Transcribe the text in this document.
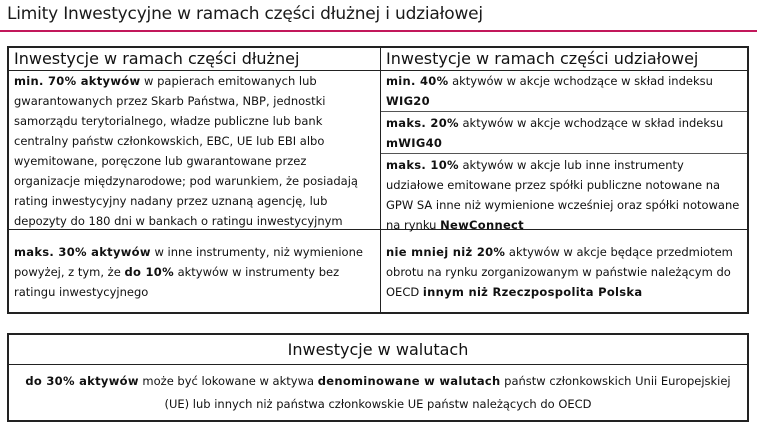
Limity Inwestycyjne w ramach części dłużnej i udziałowej
Inwestycje w ramach części dłużnej
min. 70% aktywów w papierach emitowanych lub gwarantowanych przez Skarb Państwa, NBP, jednostki samorządu terytorialnego, władze publiczne lub bank centralny państw członkowskich, EBC, UE lub EBI albo wyemitowane, poręczone lub gwarantowane przez organizacje międzynarodowe; pod warunkiem, że posiadają rating inwestycyjny nadany przez uznaną agencję, lub depozyty do 180 dni w bankach o ratingu inwestycyjnym
maks. 30% aktywów w inne instrumenty, niż wymienione powyżej, z tym, że do 10% aktywów w instrumenty bez ratingu inwestycyjnego
Inwestycje w ramach części udziałowej
min. 40% aktywów w akcje wchodzące w skład indeksu WIG20
maks. 20% aktywów w akcje wchodzące w skład indeksu mWIG40
maks. 10% aktywów w akcje lub inne instrumenty udziałowe emitowane przez spółki publiczne notowane na GPW SA inne niż wymienione wcześniej oraz spółki notowane na rynku NewConnect
nie mniej niż 20% aktywów w akcje będące przedmiotem obrotu na rynku zorganizowanym w państwie należącym do OECD innym niż Rzeczpospolita Polska
Inwestycje w walutach
do 30% aktywów może być lokowane w aktywa denominowane w walutach państw członkowskich Unii Europejskiej (UE) lub innych niż państwa członkowskie UE państw należących do OECD
